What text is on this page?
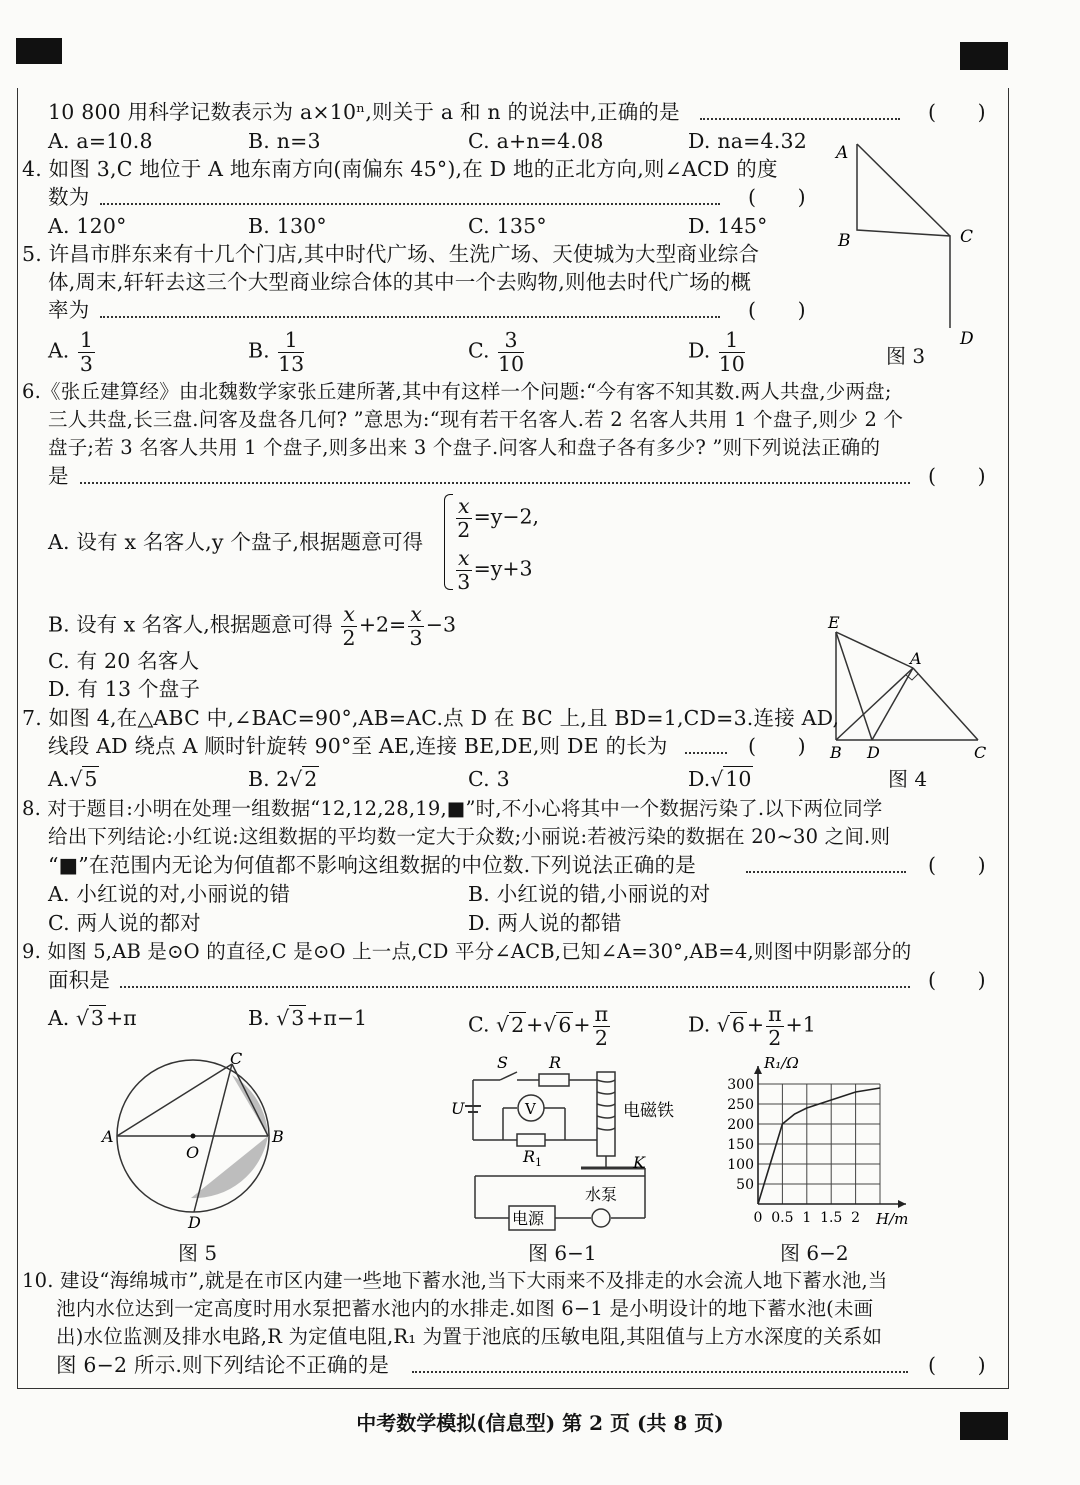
10 800 用科学记数表示为 a×10ⁿ,则关于 a 和 n 的说法中,正确的是	(　　)
A. a=10.8	B. n=3	C. a+n=4.08	D. na=4.32
4. 如图 3,C 地位于 A 地东南方向(南偏东 45°),在 D 地的正北方向,则∠ACD 的度
数为	(　　)
A. 120°	B. 130°	C. 135°	D. 145°
A
B	C
D
图 3
5. 许昌市胖东来有十几个门店,其中时代广场、生洗广场、天使城为大型商业综合
体,周末,轩轩去这三个大型商业综合体的其中一个去购物,则他去时代广场的概
率为	(　　)
A. $\frac{1}{3}$	B. $\frac{1}{13}$	C. $\frac{3}{10}$	D. $\frac{1}{10}$
6.《张丘建算经》由北魏数学家张丘建所著,其中有这样一个问题:“今有客不知其数.两人共盘,少两盘;
三人共盘,长三盘.问客及盘各几何? ”意思为:“现有若干名客人.若 2 名客人共用 1 个盘子,则少 2 个
盘子;若 3 名客人共用 1 个盘子,则多出来 3 个盘子.问客人和盘子各有多少? ”则下列说法正确的
是	(　　)
A. 设有 x 名客人,y 个盘子,根据题意可得
$\frac{x}{2} =y-2$,
$\frac{x}{3} =y+3$
B. 设有 x 名客人,根据题意可得 $\frac{x}{2} +2= \frac{x}{3} -3$
C. 有 20 名客人
D. 有 13 个盘子
E
A
B D	C
图 4
7. 如图 4,在△ABC 中,∠BAC=90°,AB=AC.点 D 在 BC 上,且 BD=1,CD=3.连接 AD,
线段 AD 绕点 A 顺时针旋转 90°至 AE,连接 BE,DE,则 DE 的长为	(　　)
A.√5	B. 2√2	C. 3	D.√10
8. 对于题目:小明在处理一组数据“12,12,28,19,■”时,不小心将其中一个数据污染了.以下两位同学
给出下列结论:小红说:这组数据的平均数一定大于众数;小丽说:若被污染的数据在 20~30 之间.则
“■”在范围内无论为何值都不影响这组数据的中位数.下列说法正确的是	(　　)
A. 小红说的对,小丽说的错	B. 小红说的错,小丽说的对
C. 两人说的都对	D. 两人说的都错
9. 如图 5,AB 是⊙O 的直径,C 是⊙O 上一点,CD 平分∠ACB,已知∠A=30°,AB=4,则图中阴影部分的
面积是	(　　)
A. √3+π	B. √3+π−1	C. $√2+√6+ \frac{\pi}{2}$	D. $√6+ \frac{\pi}{2} +1$
A	B
C
O
D
图 5
S	R
U	V
R 1
电磁铁
K
电源
水泵
图 6−1
50
100
150
200
250
300
0 0.5 1 1.5 2
R₁/Ω
H/m
图 6−2
10. 建设“海绵城市”,就是在市区内建一些地下蓄水池,当下大雨来不及排走的水会流人地下蓄水池,当
池内水位达到一定高度时用水泵把蓄水池内的水排走.如图 6−1 是小明设计的地下蓄水池(未画
出)水位监测及排水电路,R 为定值电阻,R₁ 为置于池底的压敏电阻,其阻值与上方水深度的关系如
图 6−2 所示.则下列结论不正确的是	(　　)
中考数学模拟(信息型) 第 2 页 (共 8 页)
